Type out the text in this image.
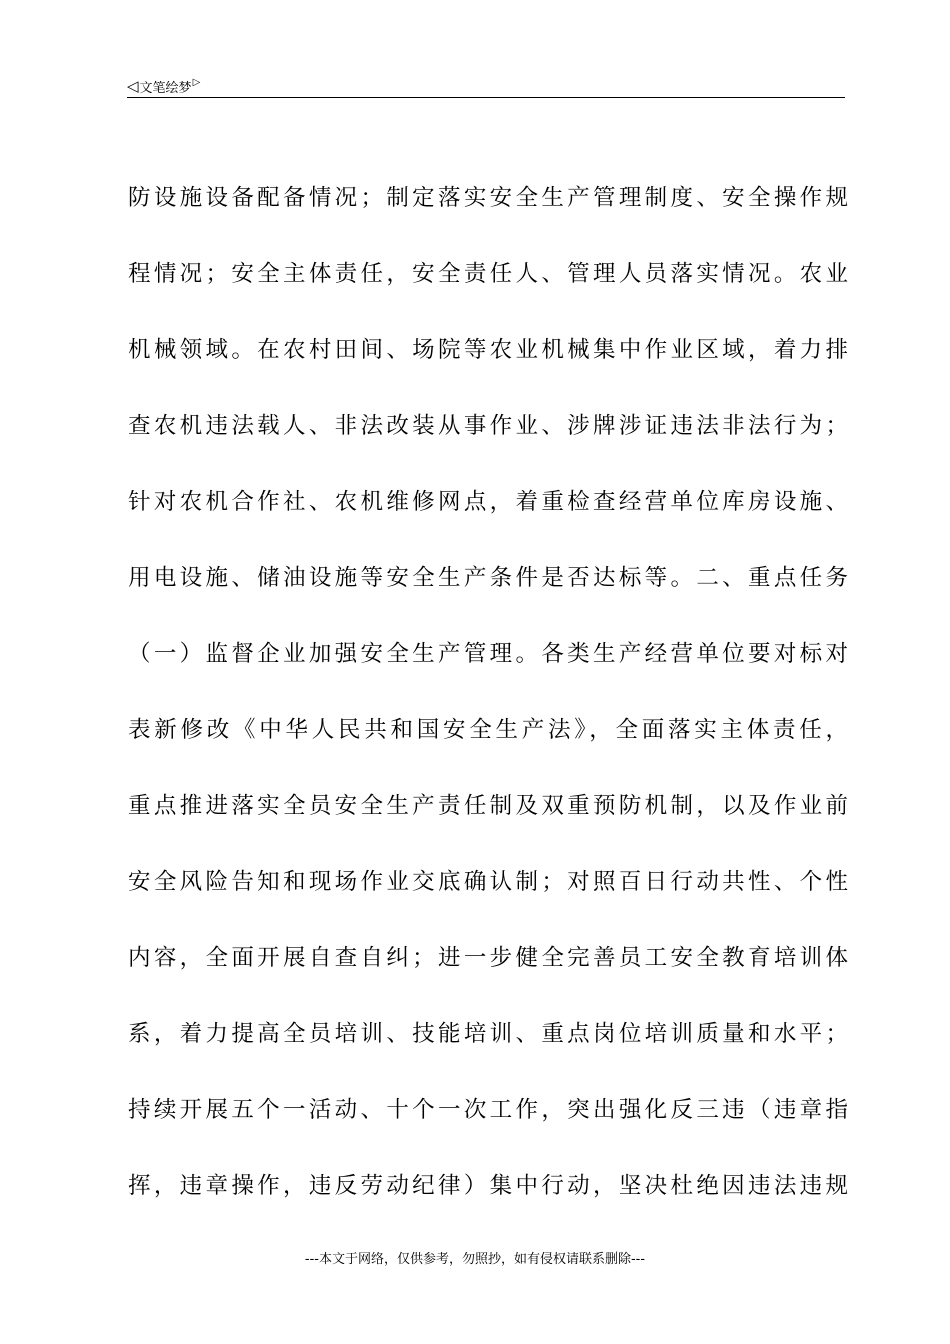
◁ 文笔绘梦 ▷
防设施设备配备情况；制定落实安全生产管理制度、安全操作规
程情况；安全主体责任，安全责任人、管理人员落实情况。农业
机械领域。在农村田间、场院等农业机械集中作业区域，着力排
查农机违法载人、非法改装从事作业、涉牌涉证违法非法行为；
针对农机合作社、农机维修网点，着重检查经营单位库房设施、
用电设施、储油设施等安全生产条件是否达标等。二、重点任务
（一）监督企业加强安全生产管理。各类生产经营单位要对标对
表新修改《中华人民共和国安全生产法》，全面落实主体责任，
重点推进落实全员安全生产责任制及双重预防机制，以及作业前
安全风险告知和现场作业交底确认制；对照百日行动共性、个性
内容，全面开展自查自纠；进一步健全完善员工安全教育培训体
系，着力提高全员培训、技能培训、重点岗位培训质量和水平；
持续开展五个一活动、十个一次工作，突出强化反三违（违章指
挥，违章操作，违反劳动纪律）集中行动，坚决杜绝因违法违规
---本文于网络，仅供参考，勿照抄，如有侵权请联系删除---
